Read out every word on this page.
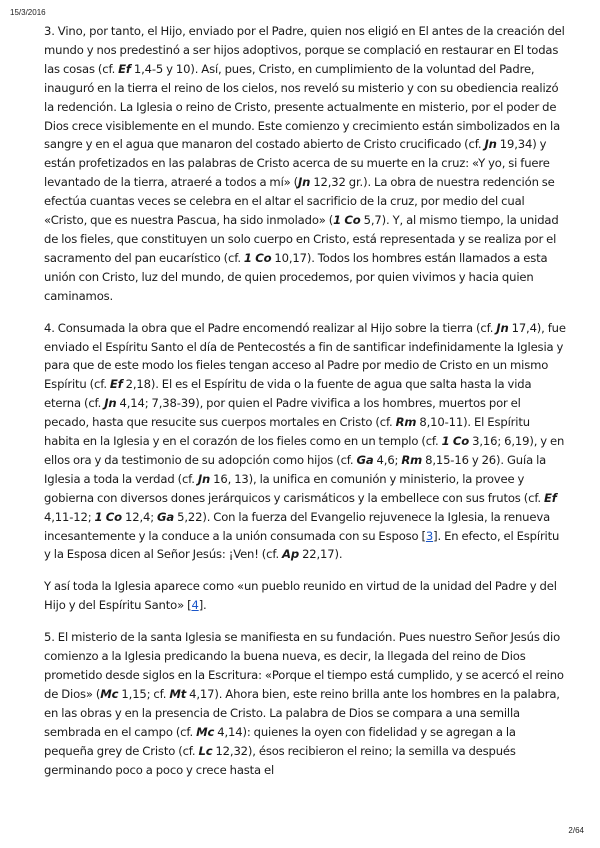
15/3/2016

3. Vino, por tanto, el Hijo, enviado por el Padre, quien nos eligió en El antes de la creación del mundo y nos predestinó a ser hijos adoptivos, porque se complació en restaurar en El todas las cosas (cf. Ef 1,4-5 y 10). Así, pues, Cristo, en cumplimiento de la voluntad del Padre, inauguró en la tierra el reino de los cielos, nos reveló su misterio y con su obediencia realizó la redención. La Iglesia o reino de Cristo, presente actualmente en misterio, por el poder de Dios crece visiblemente en el mundo. Este comienzo y crecimiento están simbolizados en la sangre y en el agua que manaron del costado abierto de Cristo crucificado (cf. Jn 19,34) y están profetizados en las palabras de Cristo acerca de su muerte en la cruz: «Y yo, si fuere levantado de la tierra, atraeré a todos a mí» (Jn 12,32 gr.). La obra de nuestra redención se efectúa cuantas veces se celebra en el altar el sacrificio de la cruz, por medio del cual «Cristo, que es nuestra Pascua, ha sido inmolado» (1 Co 5,7). Y, al mismo tiempo, la unidad de los fieles, que constituyen un solo cuerpo en Cristo, está representada y se realiza por el sacramento del pan eucarístico (cf. 1 Co 10,17). Todos los hombres están llamados a esta unión con Cristo, luz del mundo, de quien procedemos, por quien vivimos y hacia quien caminamos.

4. Consumada la obra que el Padre encomendó realizar al Hijo sobre la tierra (cf. Jn 17,4), fue enviado el Espíritu Santo el día de Pentecostés a fin de santificar indefinidamente la Iglesia y para que de este modo los fieles tengan acceso al Padre por medio de Cristo en un mismo Espíritu (cf. Ef 2,18). El es el Espíritu de vida o la fuente de agua que salta hasta la vida eterna (cf. Jn 4,14; 7,38-39), por quien el Padre vivifica a los hombres, muertos por el pecado, hasta que resucite sus cuerpos mortales en Cristo (cf. Rm 8,10-11). El Espíritu habita en la Iglesia y en el corazón de los fieles como en un templo (cf. 1 Co 3,16; 6,19), y en ellos ora y da testimonio de su adopción como hijos (cf. Ga 4,6; Rm 8,15-16 y 26). Guía la Iglesia a toda la verdad (cf. Jn 16, 13), la unifica en comunión y ministerio, la provee y gobierna con diversos dones jerárquicos y carismáticos y la embellece con sus frutos (cf. Ef 4,11-12; 1 Co 12,4; Ga 5,22). Con la fuerza del Evangelio rejuvenece la Iglesia, la renueva incesantemente y la conduce a la unión consumada con su Esposo [3]. En efecto, el Espíritu y la Esposa dicen al Señor Jesús: ¡Ven! (cf. Ap 22,17).

Y así toda la Iglesia aparece como «un pueblo reunido en virtud de la unidad del Padre y del Hijo y del Espíritu Santo» [4].

5. El misterio de la santa Iglesia se manifiesta en su fundación. Pues nuestro Señor Jesús dio comienzo a la Iglesia predicando la buena nueva, es decir, la llegada del reino de Dios prometido desde siglos en la Escritura: «Porque el tiempo está cumplido, y se acercó el reino de Dios» (Mc 1,15; cf. Mt 4,17). Ahora bien, este reino brilla ante los hombres en la palabra, en las obras y en la presencia de Cristo. La palabra de Dios se compara a una semilla sembrada en el campo (cf. Mc 4,14): quienes la oyen con fidelidad y se agregan a la pequeña grey de Cristo (cf. Lc 12,32), ésos recibieron el reino; la semilla va después germinando poco a poco y crece hasta el

2/64
